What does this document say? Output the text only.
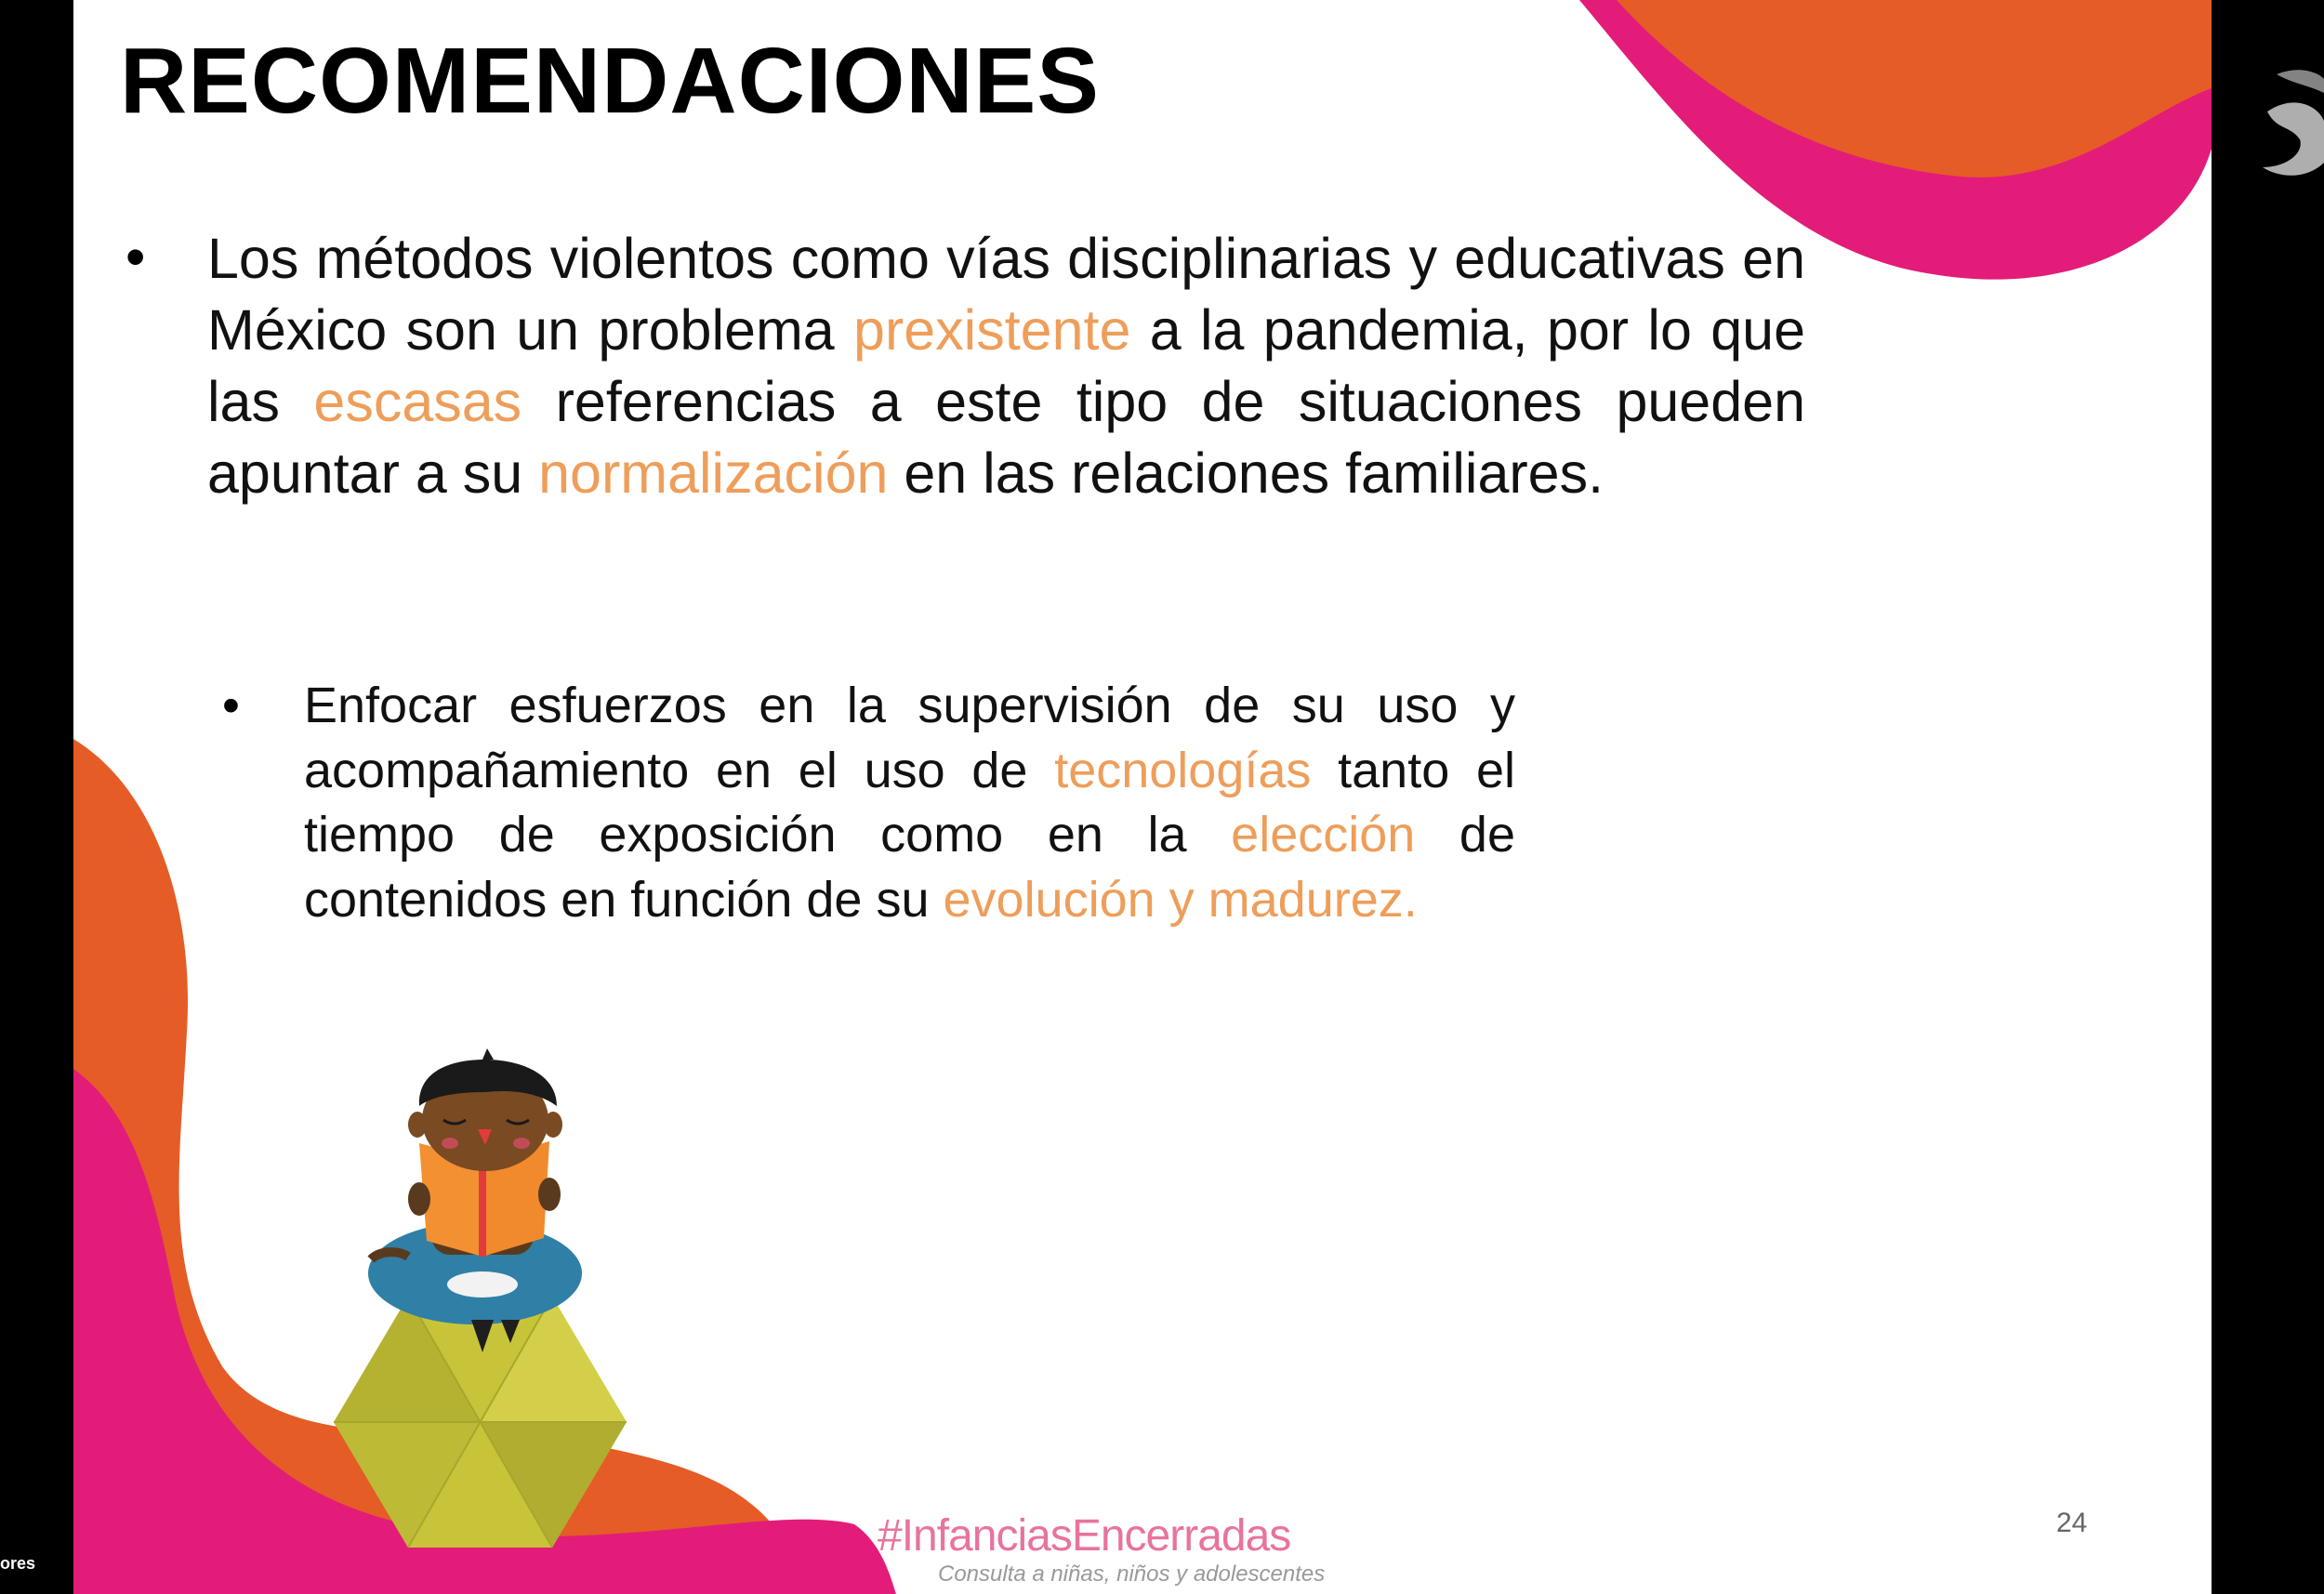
RECOMENDACIONES
• Los métodos violentos como vías disciplinarias y educativas en México son un problema prexistente a la pandemia, por lo que las escasas referencias a este tipo de situaciones pueden apuntar a su normalización en las relaciones familiares.
• Enfocar esfuerzos en la supervisión de su uso y acompañamiento en el uso de tecnologías tanto el tiempo de exposición como en la elección de contenidos en función de su evolución y madurez.
#InfanciasEncerradas
Consulta a niñas, niños y adolescentes
24
ores
